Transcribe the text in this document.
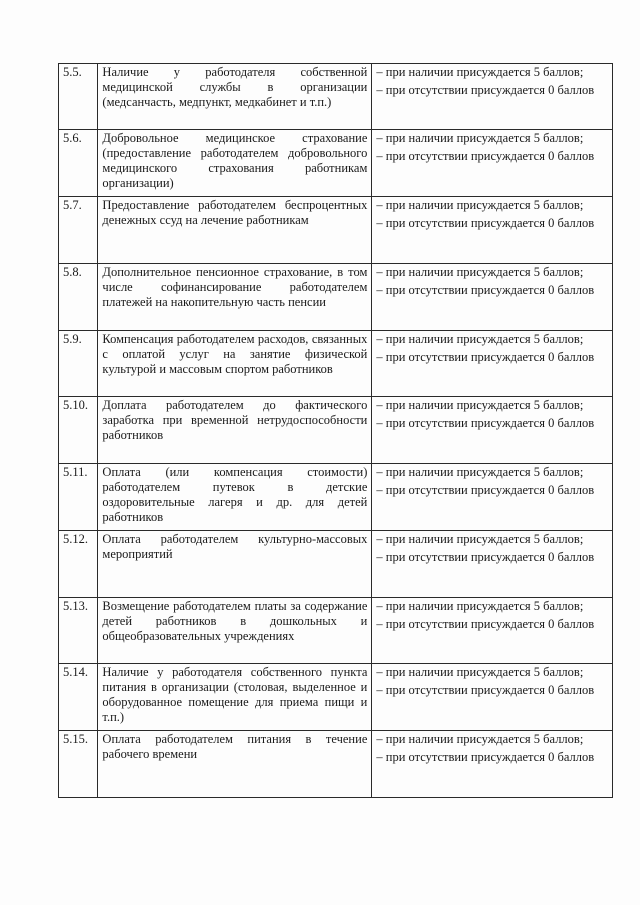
5.5.	Наличие у работодателя собственной медицинской службы в организации (медсанчасть, медпункт, медкабинет и т.п.)	– при наличии присуждается 5 баллов;
– при отсутствии присуждается 0 баллов

5.6.	Добровольное медицинское страхование (предоставление работодателем добровольного медицинского страхования работникам организации)	– при наличии присуждается 5 баллов;
– при отсутствии присуждается 0 баллов

5.7.	Предоставление работодателем беспроцентных денежных ссуд на лечение работникам	– при наличии присуждается 5 баллов;
– при отсутствии присуждается 0 баллов

5.8.	Дополнительное пенсионное страхование, в том числе софинансирование работодателем платежей на накопительную часть пенсии	– при наличии присуждается 5 баллов;
– при отсутствии присуждается 0 баллов

5.9.	Компенсация работодателем расходов, связанных с оплатой услуг на занятие физической культурой и массовым спортом работников	– при наличии присуждается 5 баллов;
– при отсутствии присуждается 0 баллов

5.10.	Доплата работодателем до фактического заработка при временной нетрудоспособности работников	– при наличии присуждается 5 баллов;
– при отсутствии присуждается 0 баллов

5.11.	Оплата (или компенсация стоимости) работодателем путевок в детские оздоровительные лагеря и др. для детей работников	– при наличии присуждается 5 баллов;
– при отсутствии присуждается 0 баллов

5.12.	Оплата работодателем культурно-массовых мероприятий	– при наличии присуждается 5 баллов;
– при отсутствии присуждается 0 баллов

5.13.	Возмещение работодателем платы за содержание детей работников в дошкольных и общеобразовательных учреждениях	– при наличии присуждается 5 баллов;
– при отсутствии присуждается 0 баллов

5.14.	Наличие у работодателя собственного пункта питания в организации (столовая, выделенное и оборудованное помещение для приема пищи и т.п.)	– при наличии присуждается 5 баллов;
– при отсутствии присуждается 0 баллов

5.15.	Оплата работодателем питания в течение рабочего времени	– при наличии присуждается 5 баллов;
– при отсутствии присуждается 0 баллов
